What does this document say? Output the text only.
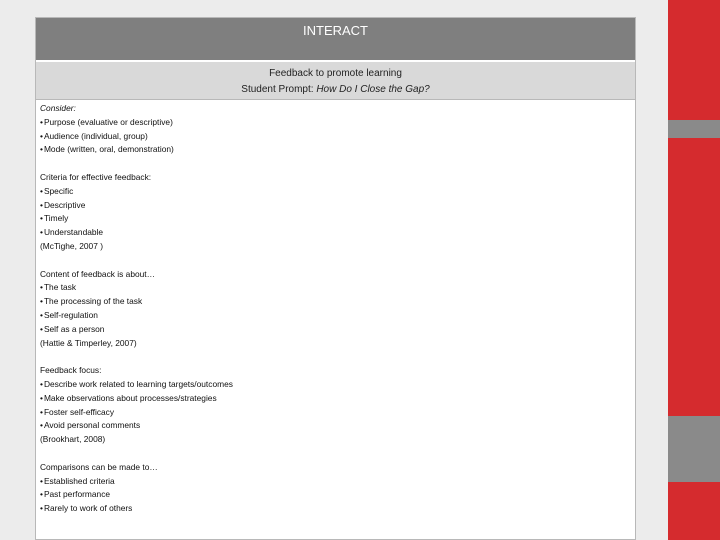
INTERACT
Feedback to promote learning
Student Prompt: How Do I Close the Gap?
Consider:
• Purpose (evaluative or descriptive)
• Audience (individual, group)
• Mode (written, oral, demonstration)
Criteria for effective feedback:
• Specific
• Descriptive
• Timely
• Understandable
(McTighe, 2007 )
Content of feedback is about…
• The task
• The processing of the task
• Self-regulation
• Self as a person
(Hattie & Timperley, 2007)
Feedback focus:
• Describe work related to learning targets/outcomes
• Make observations about processes/strategies
• Foster self-efficacy
• Avoid personal comments
(Brookhart, 2008)
Comparisons can be made to…
• Established criteria
• Past performance
• Rarely to work of others
